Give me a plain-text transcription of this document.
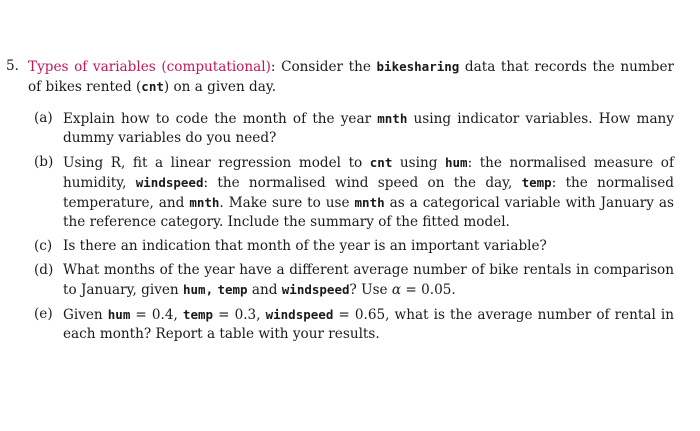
5. Types of variables (computational): Consider the bikesharing data that records the number of bikes rented (cnt) on a given day.
(a) Explain how to code the month of the year mnth using indicator variables. How many dummy variables do you need?
(b) Using R, fit a linear regression model to cnt using hum: the normalised measure of humidity, windspeed: the normalised wind speed on the day, temp: the normalised temperature, and mnth. Make sure to use mnth as a categorical variable with January as the reference category. Include the summary of the fitted model.
(c) Is there an indication that month of the year is an important variable?
(d) What months of the year have a different average number of bike rentals in comparison to January, given hum, temp and windspeed? Use α = 0.05.
(e) Given hum = 0.4, temp = 0.3, windspeed = 0.65, what is the average number of rental in each month? Report a table with your results.
